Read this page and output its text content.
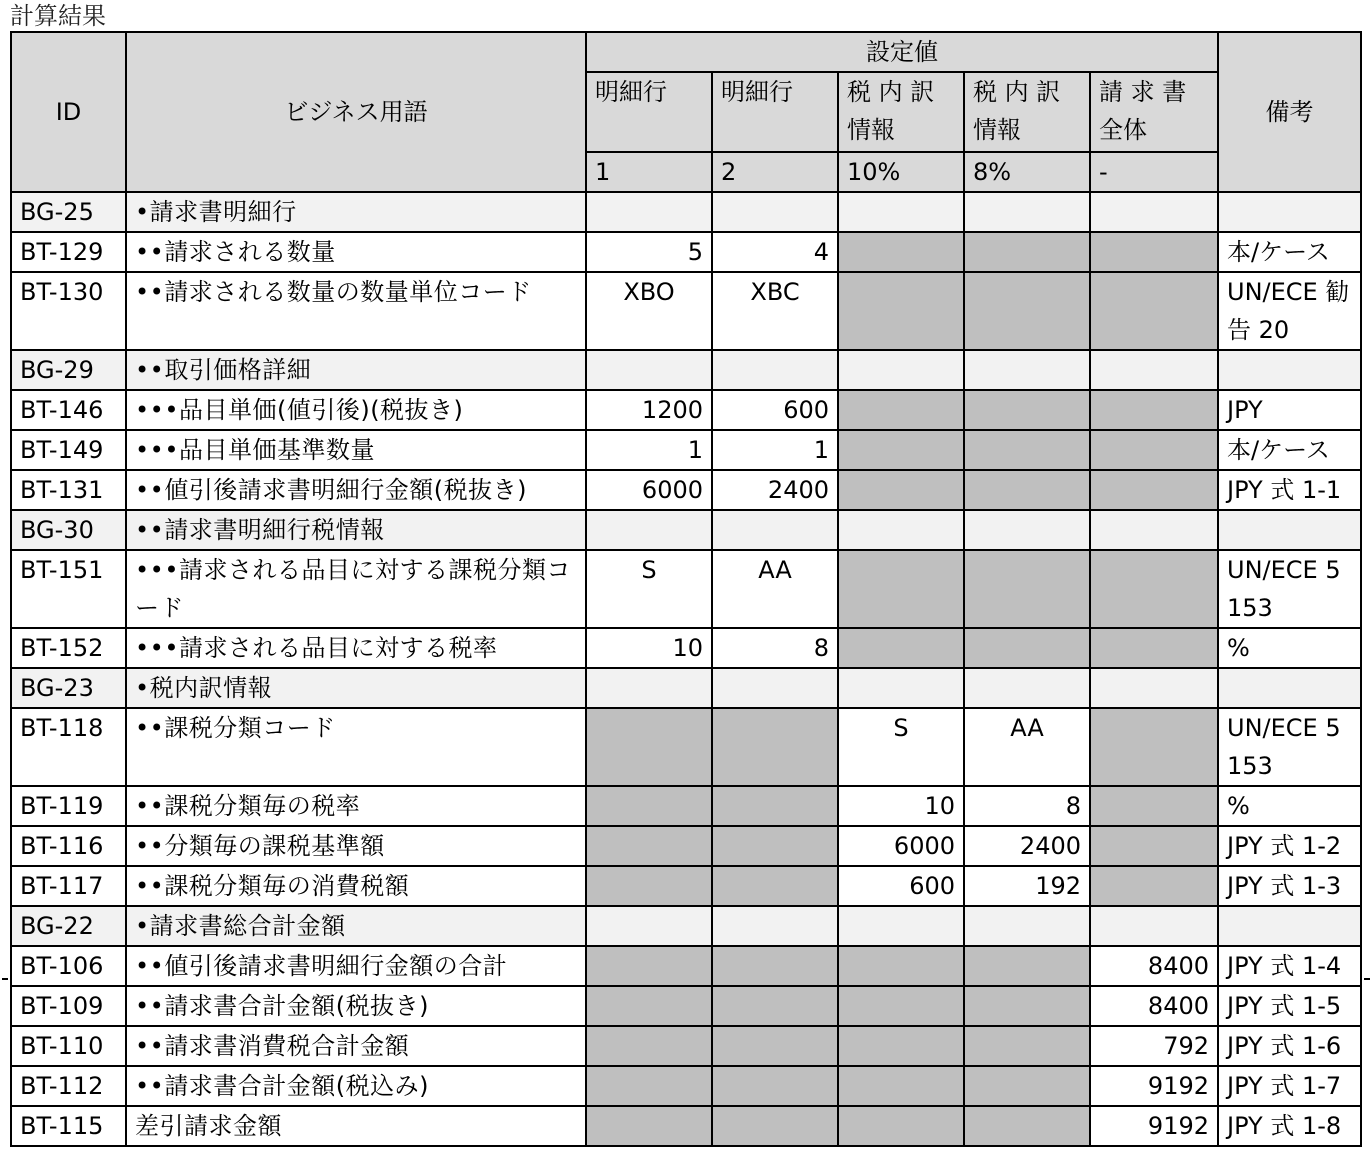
計算結果
ID	ビジネス用語	設定値					備考
		明細行	明細行	税 内 訳 情報	税 内 訳 情報	請 求 書 全体	
		1	2	10%	8%	-	
BG-25	•請求書明細行						
BT-129	••請求される数量	5	4				本/ケース
BT-130	••請求される数量の数量単位コード	XBO	XBC				UN/ECE 勧告 20
BG-29	••取引価格詳細						
BT-146	•••品目単価(値引後)(税抜き)	1200	600				JPY
BT-149	•••品目単価基準数量	1	1				本/ケース
BT-131	••値引後請求書明細行金額(税抜き)	6000	2400				JPY 式 1-1
BG-30	••請求書明細行税情報						
BT-151	•••請求される品目に対する課税分類コード	S	AA				UN/ECE 5153
BT-152	•••請求される品目に対する税率	10	8				%
BG-23	•税内訳情報						
BT-118	••課税分類コード			S	AA		UN/ECE 5153
BT-119	••課税分類毎の税率			10	8		%
BT-116	••分類毎の課税基準額			6000	2400		JPY 式 1-2
BT-117	••課税分類毎の消費税額			600	192		JPY 式 1-3
BG-22	•請求書総合計金額						
BT-106	••値引後請求書明細行金額の合計					8400	JPY 式 1-4
BT-109	••請求書合計金額(税抜き)					8400	JPY 式 1-5
BT-110	••請求書消費税合計金額					792	JPY 式 1-6
BT-112	••請求書合計金額(税込み)					9192	JPY 式 1-7
BT-115	差引請求金額					9192	JPY 式 1-8
